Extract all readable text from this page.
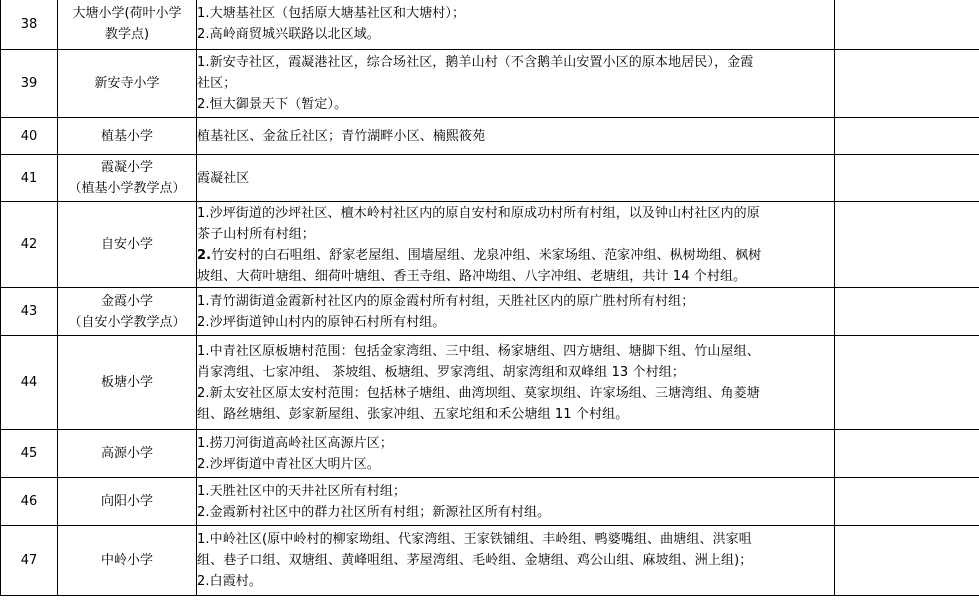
38	大塘小学(荷叶小学
教学点)	1.大塘基社区（包括原大塘基社区和大塘村）；
2.高岭商贸城兴联路以北区域。	

39	新安寺小学	1.新安寺社区，霞凝港社区，综合场社区，鹅羊山村（不含鹅羊山安置小区的原本地居民），金霞
社区；
2.恒大御景天下（暂定）。	

40	植基小学	植基社区、金盆丘社区；青竹湖畔小区、楠熙筱苑	

41	霞凝小学
（植基小学教学点）	霞凝社区	

42	自安小学	1.沙坪街道的沙坪社区、檀木岭村社区内的原自安村和原成功村所有村组，以及钟山村社区内的原
茶子山村所有村组；
2.竹安村的白石咀组、舒家老屋组、围墙屋组、龙泉冲组、米家场组、范家冲组、枞树坳组、枫树
坡组、大荷叶塘组、细荷叶塘组、香王寺组、路冲坳组、八字冲组、老塘组，共计 14 个村组。	

43	金霞小学
（自安小学教学点）	1.青竹湖街道金霞新村社区内的原金霞村所有村组，天胜社区内的原广胜村所有村组；
2.沙坪街道钟山村内的原钟石村所有村组。	

44	板塘小学	1.中青社区原板塘村范围：包括金家湾组、三中组、杨家塘组、四方塘组、塘脚下组、竹山屋组、
肖家湾组、七家冲组、 茶坡组、板塘组、罗家湾组、胡家湾组和双峰组 13 个村组；
2.新太安社区原太安村范围：包括林子塘组、曲湾坝组、莫家坝组、许家场组、三塘湾组、角菱塘
组、路丝塘组、彭家新屋组、张家冲组、五家坨组和禾公塘组 11 个村组。	

45	高源小学	1.捞刀河街道高岭社区高源片区；
2.沙坪街道中青社区大明片区。	

46	向阳小学	1.天胜社区中的天井社区所有村组；
2.金霞新村社区中的群力社区所有村组；新源社区所有村组。	

47	中岭小学	1.中岭社区(原中岭村的柳家坳组、代家湾组、王家铁铺组、丰岭组、鸭婆嘴组、曲塘组、洪家咀
组、巷子口组、双塘组、黄峰咀组、茅屋湾组、毛岭组、金塘组、鸡公山组、麻坡组、洲上组)；
2.白霞村。	
